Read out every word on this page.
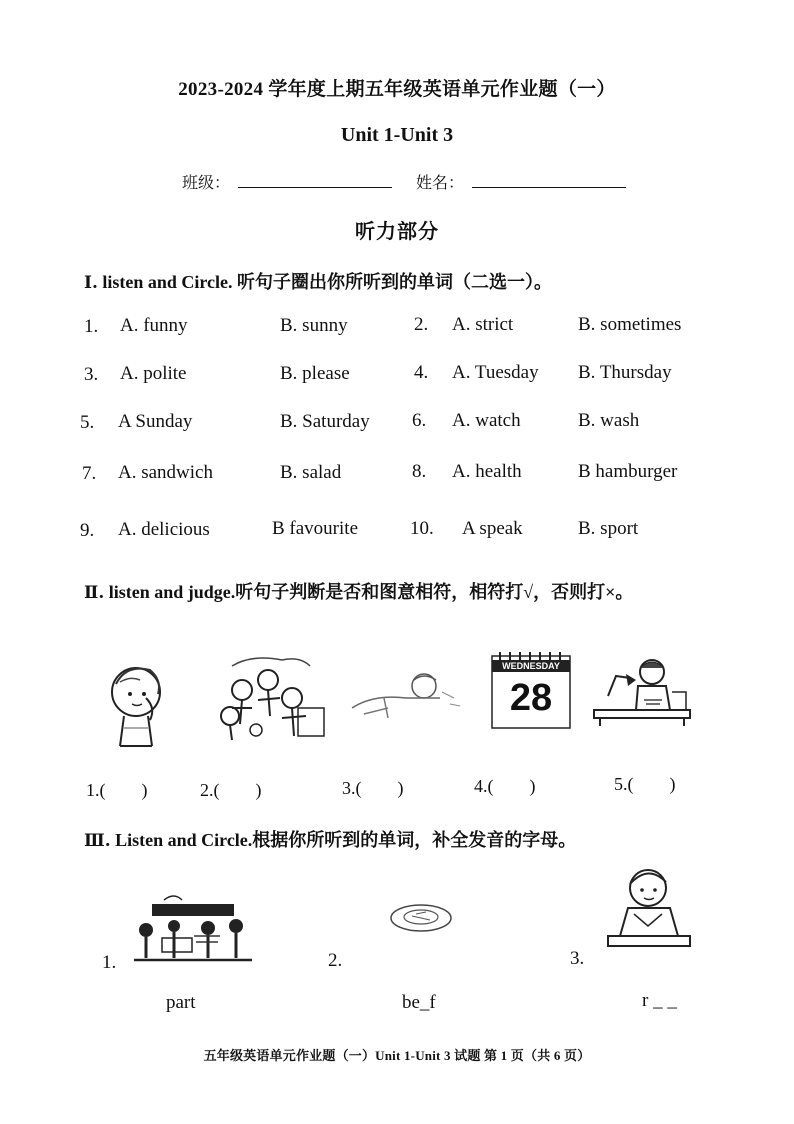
2023-2024 学年度上期五年级英语单元作业题（一）
Unit 1-Unit 3
班级：	姓名：
听力部分
Ⅰ. listen and Circle. 听句子圈出你所听到的单词（二选一）。
1. A. funny	B. sunny	2. A. strict	B. sometimes
3. A. polite	B. please	4. A. Tuesday B. Thursday
5. A Sunday	B. Saturday 6. A. watch	B. wash
7. A. sandwich	B. salad	8. A. health	B hamburger
9. A. delicious	B favourite	10. A speak	B. sport
Ⅱ. listen and judge.听句子判断是否和图意相符，相符打√，否则打×。
WEDNESDAY
28
1.(　　)	2.(　　)	3.(　　)	4.(　　)	5.(　　)
Ⅲ. Listen and Circle.根据你所听到的单词，补全发音的字母。
1.	2.	3.
part	be_f	r _ _
五年级英语单元作业题（一）Unit 1-Unit 3 试题 第 1 页（共 6 页）
